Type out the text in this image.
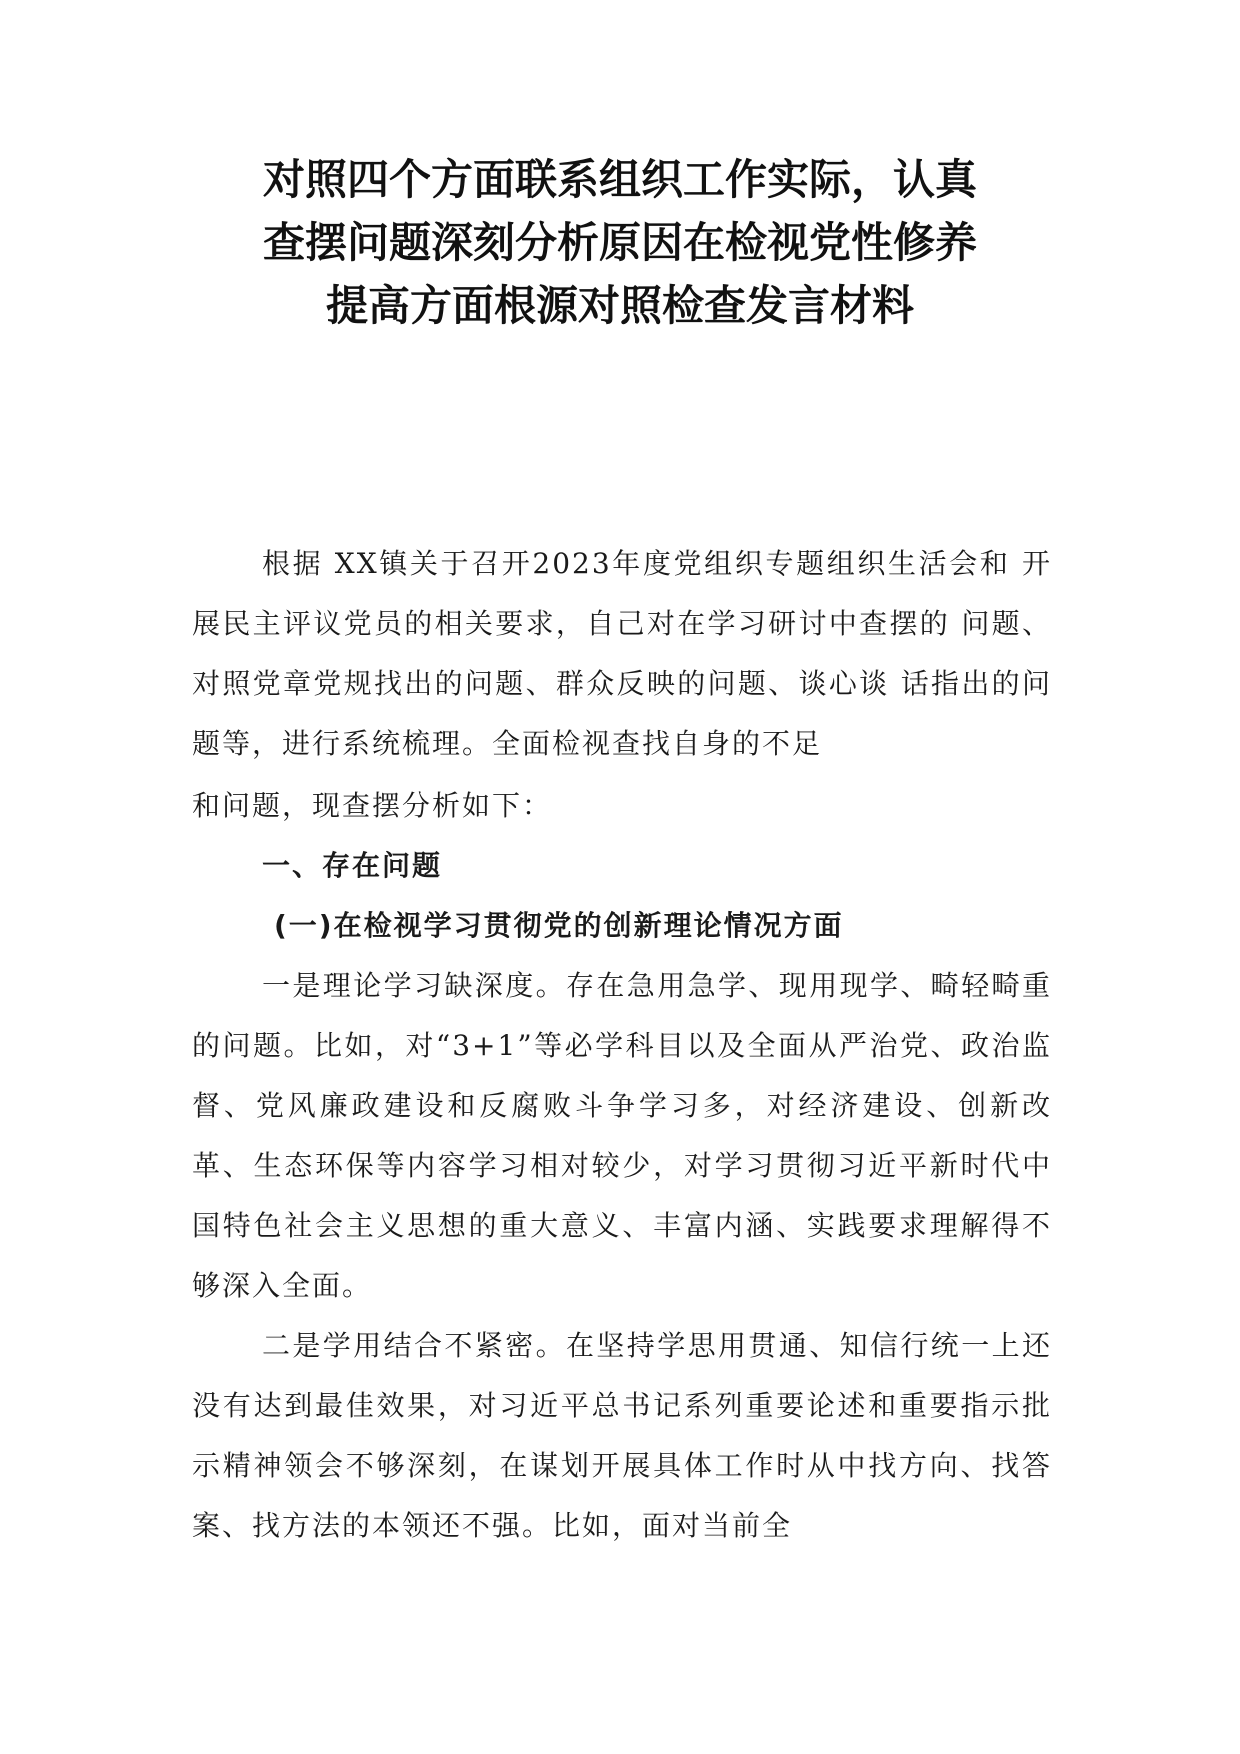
对照四个方面联系组织工作实际，认真
查摆问题深刻分析原因在检视党性修养
提高方面根源对照检查发言材料

根据 XX镇关于召开2023年度党组织专题组织生活会和 开展民主评议党员的相关要求，自己对在学习研讨中查摆的 问题、对照党章党规找出的问题、群众反映的问题、谈心谈 话指出的问题等，进行系统梳理。全面检视查找自身的不足

和问题，现查摆分析如下：

一、存在问题

(一)在检视学习贯彻党的创新理论情况方面

一是理论学习缺深度。存在急用急学、现用现学、畸轻畸重的问题。比如，对“3+1”等必学科目以及全面从严治党、政治监督、党风廉政建设和反腐败斗争学习多，对经济建设、创新改革、生态环保等内容学习相对较少，对学习贯彻习近平新时代中国特色社会主义思想的重大意义、丰富内涵、实践要求理解得不够深入全面。

二是学用结合不紧密。在坚持学思用贯通、知信行统一上还没有达到最佳效果，对习近平总书记系列重要论述和重要指示批示精神领会不够深刻，在谋划开展具体工作时从中找方向、找答案、找方法的本领还不强。比如，面对当前全
